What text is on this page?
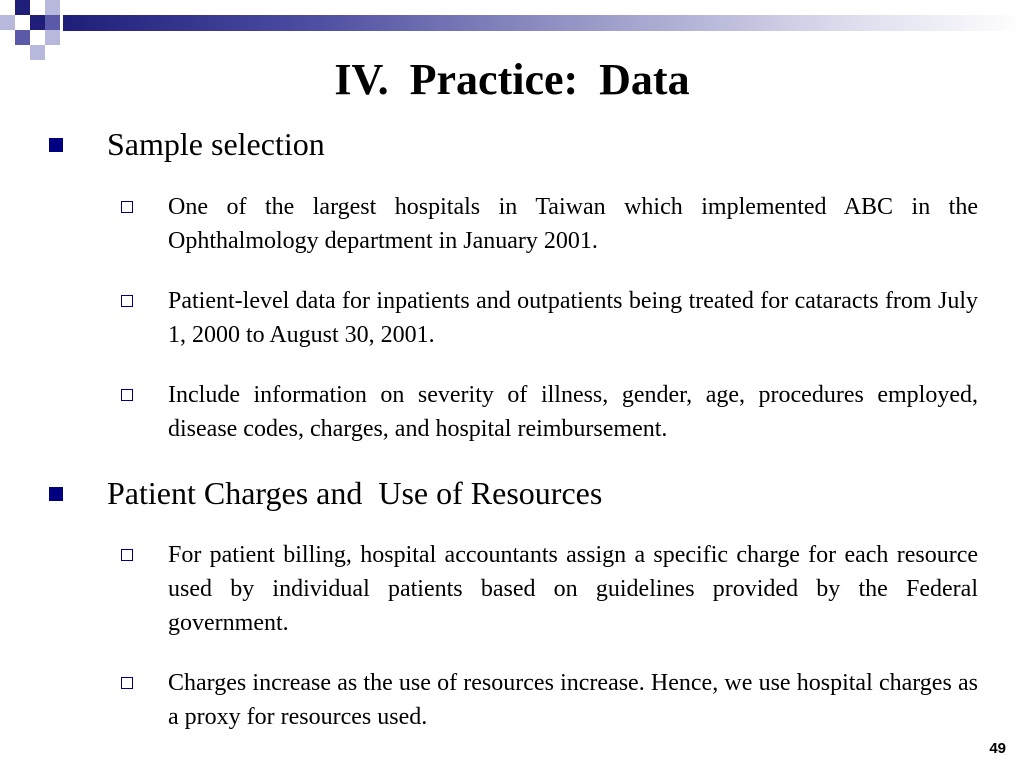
IV. Practice: Data
Sample selection
One of the largest hospitals in Taiwan which implemented ABC in the Ophthalmology department in January 2001.
Patient-level data for inpatients and outpatients being treated for cataracts from July 1, 2000 to August 30, 2001.
Include information on severity of illness, gender, age, procedures employed, disease codes, charges, and hospital reimbursement.
Patient Charges and  Use of Resources
For patient billing, hospital accountants assign a specific charge for each resource used by individual patients based on guidelines provided by the Federal government.
Charges increase as the use of resources increase. Hence, we use hospital charges as a proxy for resources used.
49
